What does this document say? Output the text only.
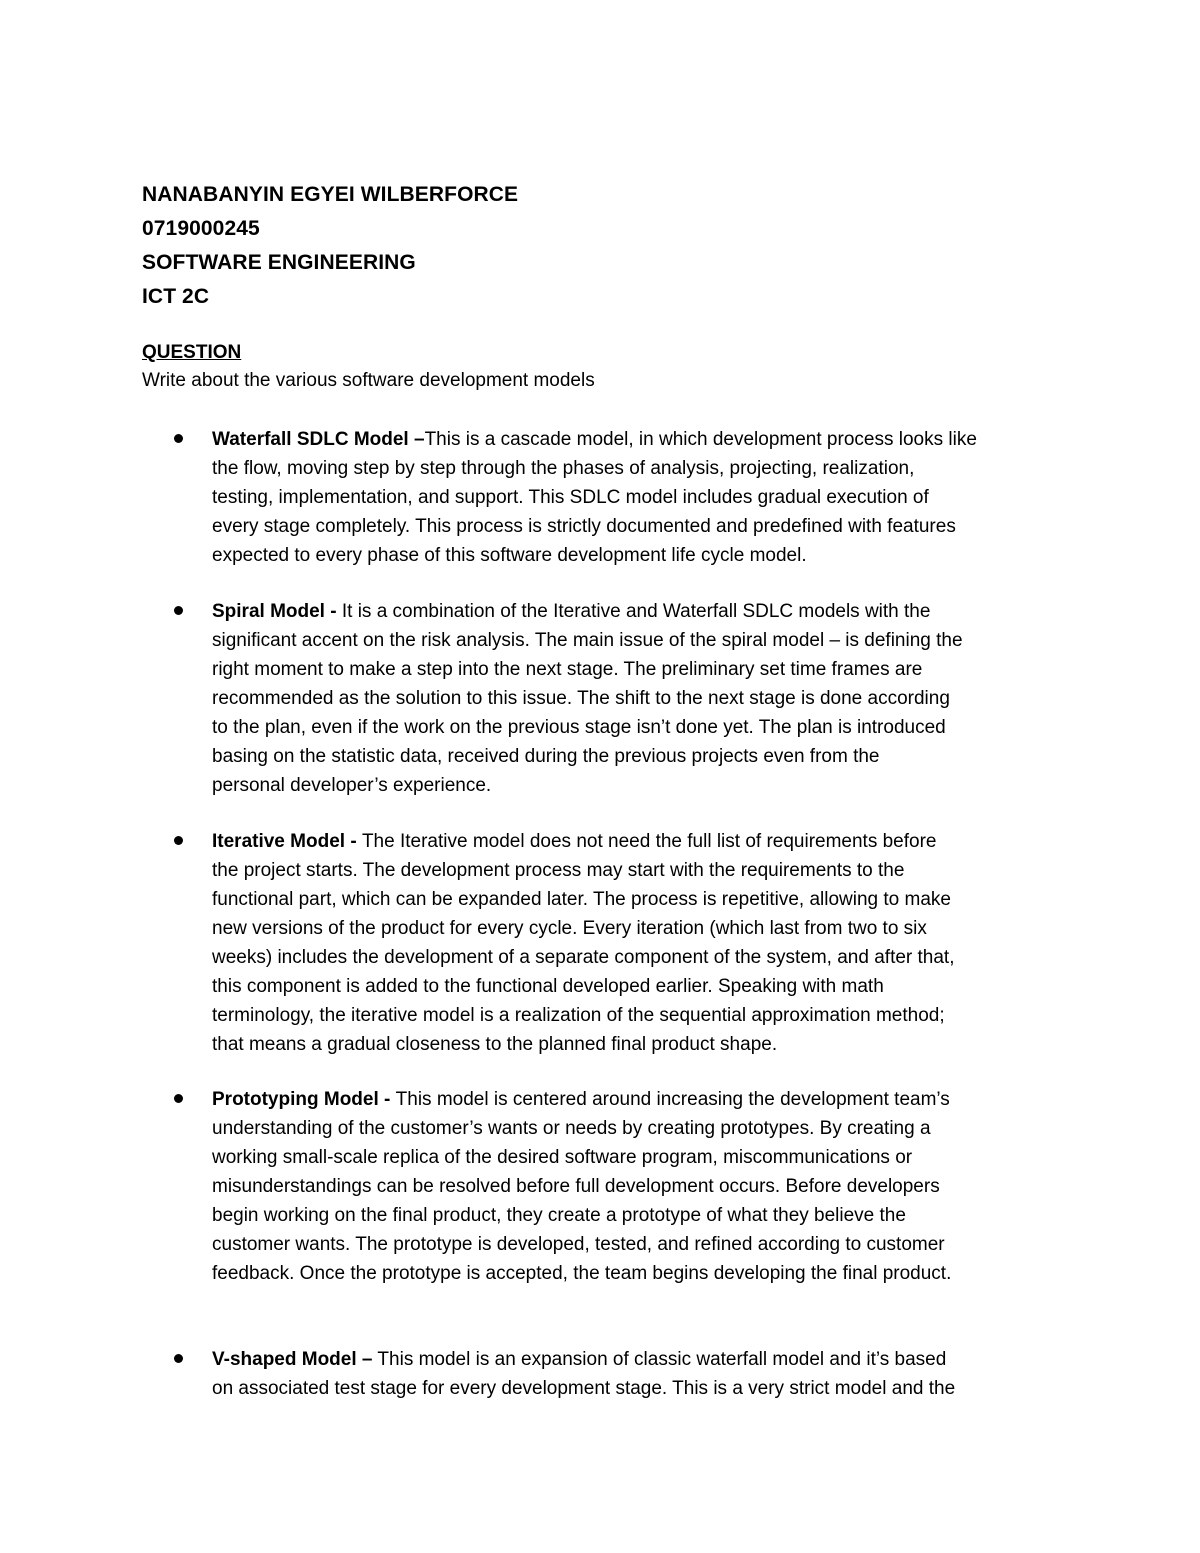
NANABANYIN EGYEI WILBERFORCE
0719000245
SOFTWARE ENGINEERING
ICT 2C
QUESTION
Write about the various software development models
Waterfall SDLC Model –This is a cascade model, in which development process looks like
the flow, moving step by step through the phases of analysis, projecting, realization,
testing, implementation, and support. This SDLC model includes gradual execution of
every stage completely. This process is strictly documented and predefined with features
expected to every phase of this software development life cycle model.
Spiral Model - It is a combination of the Iterative and Waterfall SDLC models with the
significant accent on the risk analysis. The main issue of the spiral model – is defining the
right moment to make a step into the next stage. The preliminary set time frames are
recommended as the solution to this issue. The shift to the next stage is done according
to the plan, even if the work on the previous stage isn’t done yet. The plan is introduced
basing on the statistic data, received during the previous projects even from the
personal developer’s experience.
Iterative Model - The Iterative model does not need the full list of requirements before
the project starts. The development process may start with the requirements to the
functional part, which can be expanded later. The process is repetitive, allowing to make
new versions of the product for every cycle. Every iteration (which last from two to six
weeks) includes the development of a separate component of the system, and after that,
this component is added to the functional developed earlier. Speaking with math
terminology, the iterative model is a realization of the sequential approximation method;
that means a gradual closeness to the planned final product shape.
Prototyping Model - This model is centered around increasing the development team’s
understanding of the customer’s wants or needs by creating prototypes. By creating a
working small-scale replica of the desired software program, miscommunications or
misunderstandings can be resolved before full development occurs. Before developers
begin working on the final product, they create a prototype of what they believe the
customer wants. The prototype is developed, tested, and refined according to customer
feedback. Once the prototype is accepted, the team begins developing the final product.
V-shaped Model – This model is an expansion of classic waterfall model and it’s based
on associated test stage for every development stage. This is a very strict model and the
